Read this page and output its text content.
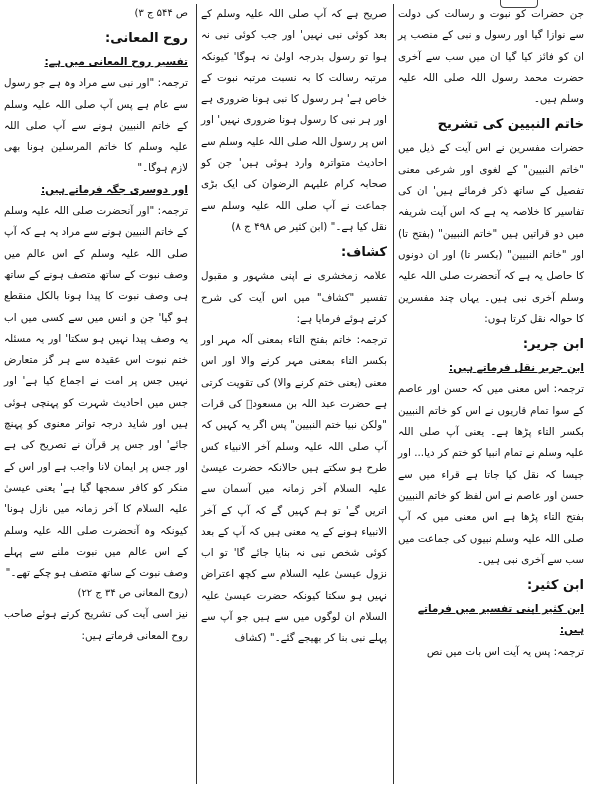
جن حضرات کو نبوت و رسالت کی دولت سے نوازا گیا اور رسول و نبی کے منصب پر ان کو فائز کیا گیا ان میں سب سے آخری حضرت محمد رسول اللہ صلی اللہ علیہ وسلم ہیں۔

خاتم النبیین کی تشریح

حضرات مفسرین نے اس آیت کے ذیل میں "خاتم النبیین" کے لغوی اور شرعی معنی تفصیل کے ساتھ ذکر فرمائے ہیں' ان کی تفاسیر کا خلاصہ یہ ہے کہ اس آیت شریفہ میں دو قراتیں ہیں "خاتم النبیین" (بفتح تا) اور "خاتم النبیین" (بکسر تا) اور ان دونوں کا حاصل یہ ہے کہ آنحضرت صلی اللہ علیہ وسلم آخری نبی ہیں۔ یہاں چند مفسرین کا حوالہ نقل کرتا ہوں:

ابن جریر:

ابن جریر نقل فرماتے ہیں:

ترجمہ: اس معنی میں کہ حسن اور عاصم کے سوا تمام قاریوں نے اس کو خاتم النبیین بکسر التاء پڑھا ہے۔ یعنی آپ صلی اللہ علیہ وسلم نے تمام انبیا کو ختم کر دیا... اور جیسا کہ نقل کیا جاتا ہے قراء میں سے حسن اور عاصم نے اس لفظ کو خاتم النبیین بفتح التاء پڑھا ہے اس معنی میں کہ آپ صلی اللہ علیہ وسلم نبیوں کی جماعت میں سب سے آخری نبی ہیں۔

ابن کثیر:

ابن کثیر اپنی تفسیر میں فرماتے ہیں:

ترجمہ: پس یہ آیت اس بات میں نص

صریح ہے کہ آپ صلی اللہ علیہ وسلم کے بعد کوئی نبی نہیں' اور جب کوئی نبی نہ ہوا تو رسول بدرجہ اولیٰ نہ ہوگا' کیونکہ مرتبہ رسالت کا بہ نسبت مرتبہ نبوت کے خاص ہے' ہر رسول کا نبی ہونا ضروری ہے اور ہر نبی کا رسول ہونا ضروری نہیں' اور اس پر رسول اللہ صلی اللہ علیہ وسلم سے احادیث متواترہ وارد ہوئی ہیں' جن کو صحابہ کرام علیہم الرضوان کی ایک بڑی جماعت نے آپ صلی اللہ علیہ وسلم سے نقل کیا ہے۔" (ابن کثیر ص ۴۹۸ ج ۸)

کشاف:

علامہ زمخشری نے اپنی مشہور و مقبول تفسیر "کشاف" میں اس آیت کی شرح کرتے ہوئے فرمایا ہے:

ترجمہ: خاتم بفتح التاء بمعنی آلہ مہر اور بکسر التاء بمعنی مہر کرنے والا اور اس معنی (یعنی ختم کرنے والا) کی تقویت کرتی ہے حضرت عبد اللہ بن مسعودؓ کی قرات "ولکن نبیا ختم النبیین" پس اگر یہ کہیں کہ آپ صلی اللہ علیہ وسلم آخر الانبیاء کس طرح ہو سکتے ہیں حالانکہ حضرت عیسیٰ علیہ السلام آخر زمانہ میں آسمان سے اتریں گے' تو ہم کہیں گے کہ آپ کے آخر الانبیاء ہونے کے یہ معنی ہیں کہ آپ کے بعد کوئی شخص نبی نہ بنایا جائے گا' تو اب نزول عیسیٰ علیہ السلام سے کچھ اعتراض نہیں ہو سکتا کیونکہ حضرت عیسیٰ علیہ السلام ان لوگوں میں سے ہیں جو آپ سے پہلے نبی بنا کر بھیجے گئے۔" (کشاف

ص ۵۴۴ ج ۳)

روح المعانی:

تفسیر روح المعانی میں ہے:

ترجمہ: "اور نبی سے مراد وہ ہے جو رسول سے عام ہے پس آپ صلی اللہ علیہ وسلم کے خاتم النبیین ہونے سے آپ صلی اللہ علیہ وسلم کا خاتم المرسلین ہونا بھی لازم ہوگا۔"

اور دوسری جگہ فرماتے ہیں:

ترجمہ: "اور آنحضرت صلی اللہ علیہ وسلم کے خاتم النبیین ہونے سے مراد یہ ہے کہ آپ صلی اللہ علیہ وسلم کے اس عالم میں وصف نبوت کے ساتھ متصف ہونے کے ساتھ ہی وصف نبوت کا پیدا ہونا بالکل منقطع ہو گیا' جن و انس میں سے کسی میں اب یہ وصف پیدا نہیں ہو سکتا' اور یہ مسئلہ ختم نبوت اس عقیدہ سے ہر گز متعارض نہیں جس پر امت نے اجماع کیا ہے' اور جس میں احادیث شہرت کو پہنچی ہوئی ہیں اور شاید درجہ تواتر معنوی کو پہنچ جائے' اور جس پر قرآن نے تصریح کی ہے اور جس پر ایمان لانا واجب ہے اور اس کے منکر کو کافر سمجھا گیا ہے' یعنی عیسیٰ علیہ السلام کا آخر زمانہ میں نازل ہونا' کیونکہ وہ آنحضرت صلی اللہ علیہ وسلم کے اس عالم میں نبوت ملنے سے پہلے وصف نبوت کے ساتھ متصف ہو چکے تھے۔"

(روح المعانی ص ۳۴ ج ۲۲)

نیز اسی آیت کی تشریح کرتے ہوئے صاحب روح المعانی فرماتے ہیں:
